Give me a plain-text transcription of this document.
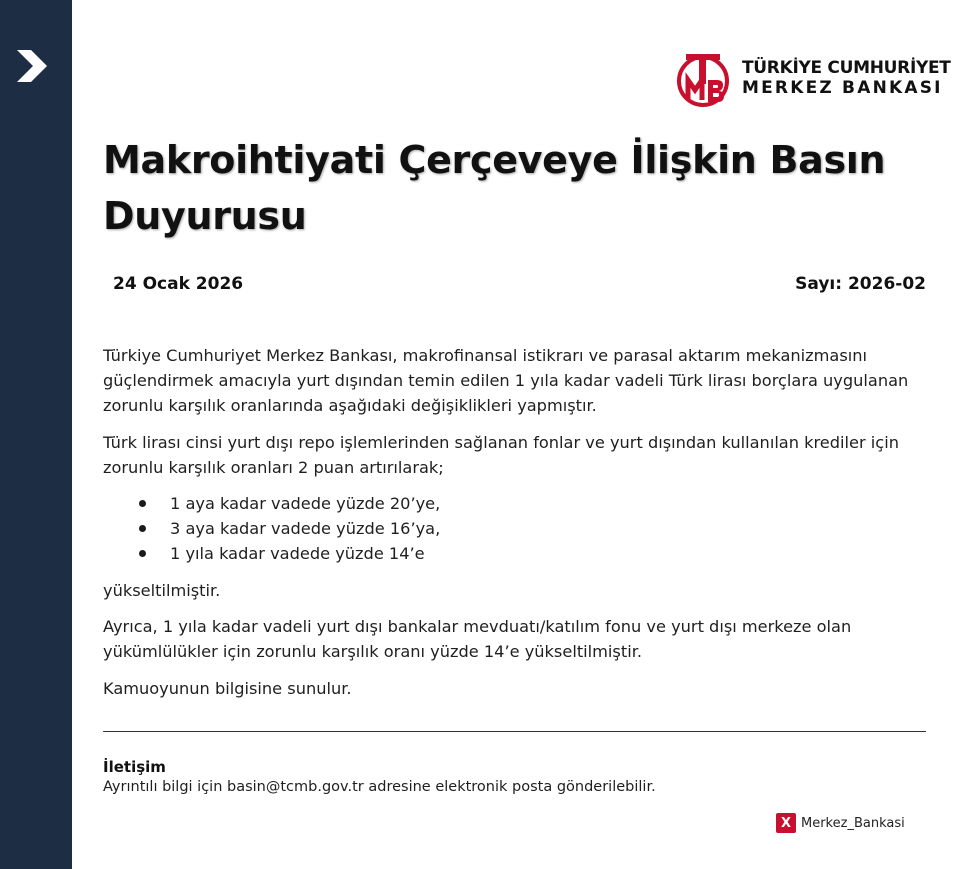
TÜRKİYE CUMHURİYET
MERKEZ BANKASI
Makroihtiyati Çerçeveye İlişkin Basın Duyurusu
24 Ocak 2026	Sayı: 2026-02

Türkiye Cumhuriyet Merkez Bankası, makrofinansal istikrarı ve parasal aktarım mekanizmasını güçlendirmek amacıyla yurt dışından temin edilen 1 yıla kadar vadeli Türk lirası borçlara uygulanan zorunlu karşılık oranlarında aşağıdaki değişiklikleri yapmıştır.

Türk lirası cinsi yurt dışı repo işlemlerinden sağlanan fonlar ve yurt dışından kullanılan krediler için zorunlu karşılık oranları 2 puan artırılarak;

1 aya kadar vadede yüzde 20’ye,
3 aya kadar vadede yüzde 16’ya,
1 yıla kadar vadede yüzde 14’e

yükseltilmiştir.

Ayrıca, 1 yıla kadar vadeli yurt dışı bankalar mevduatı/katılım fonu ve yurt dışı merkeze olan yükümlülükler için zorunlu karşılık oranı yüzde 14’e yükseltilmiştir.

Kamuoyunun bilgisine sunulur.

İletişim
Ayrıntılı bilgi için basin@tcmb.gov.tr adresine elektronik posta gönderilebilir.
X Merkez_Bankasi
